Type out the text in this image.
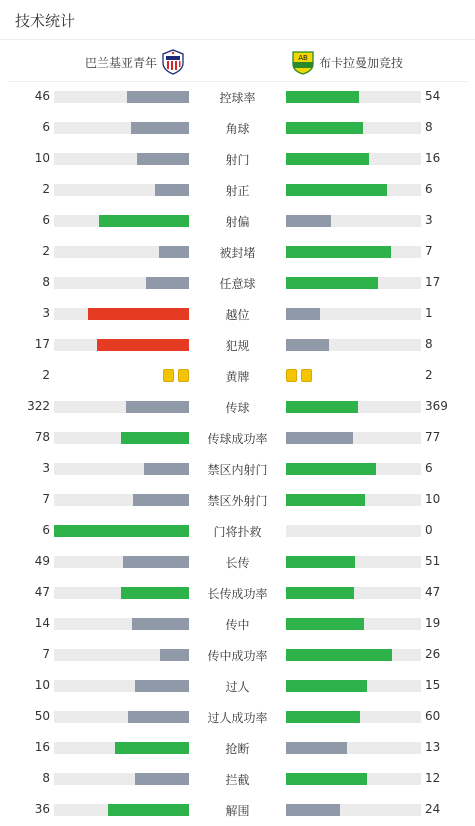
技术统计
巴兰基亚青年	AB 布卡拉曼加竞技
46	控球率	54
6	角球	8
10	射门	16
2	射正	6
6	射偏	3
2	被封堵	7
8	任意球	17
3	越位	1
17	犯规	8
2	黄牌	2
322	传球	369
78	传球成功率	77
3	禁区内射门	6
7	禁区外射门	10
6	门将扑救	0
49	长传	51
47	长传成功率	47
14	传中	19
7	传中成功率	26
10	过人	15
50	过人成功率	60
16	抢断	13
8	拦截	12
36	解围	24
